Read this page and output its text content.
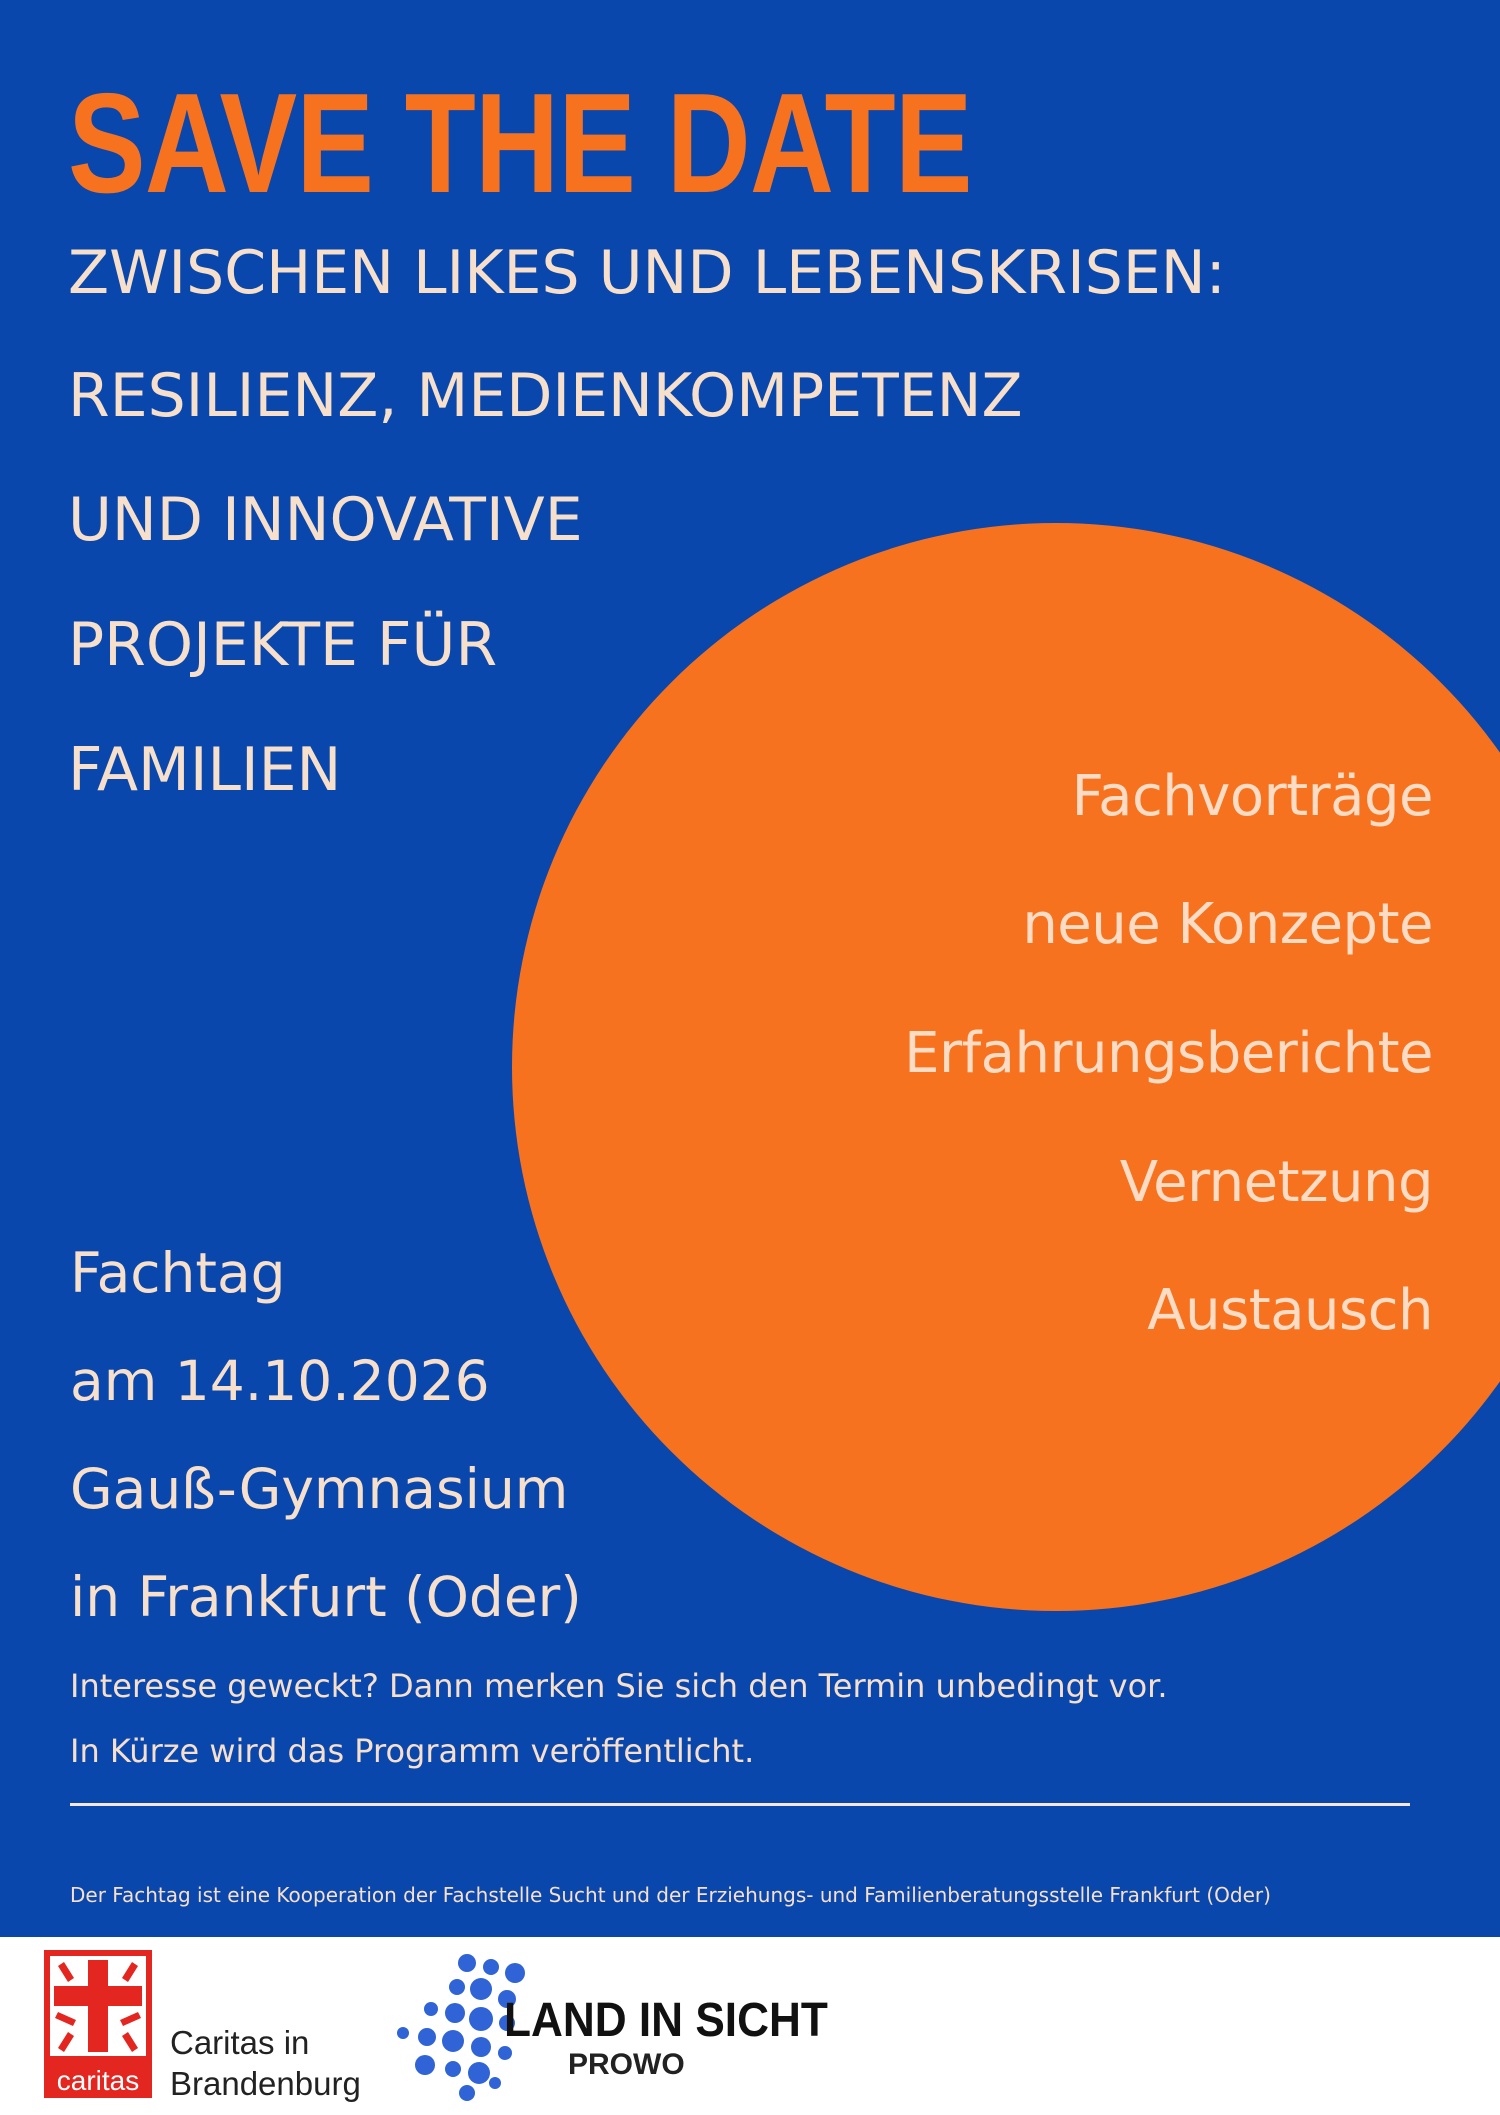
SAVE THE DATE

ZWISCHEN LIKES UND LEBENSKRISEN:

RESILIENZ, MEDIENKOMPETENZ

UND INNOVATIVE

PROJEKTE FÜR

FAMILIEN	Fachvorträge

neue Konzepte

Erfahrungsberichte

Vernetzung

Austausch

Fachtag

am 14.10.2026

Gauß-Gymnasium

in Frankfurt (Oder)

Interesse geweckt? Dann merken Sie sich den Termin unbedingt vor.

In Kürze wird das Programm veröffentlicht.

Der Fachtag ist eine Kooperation der Fachstelle Sucht und der Erziehungs- und Familienberatungsstelle Frankfurt (Oder)

caritas

Caritas in

Brandenburg

LAND IN SICHT

PROWO
